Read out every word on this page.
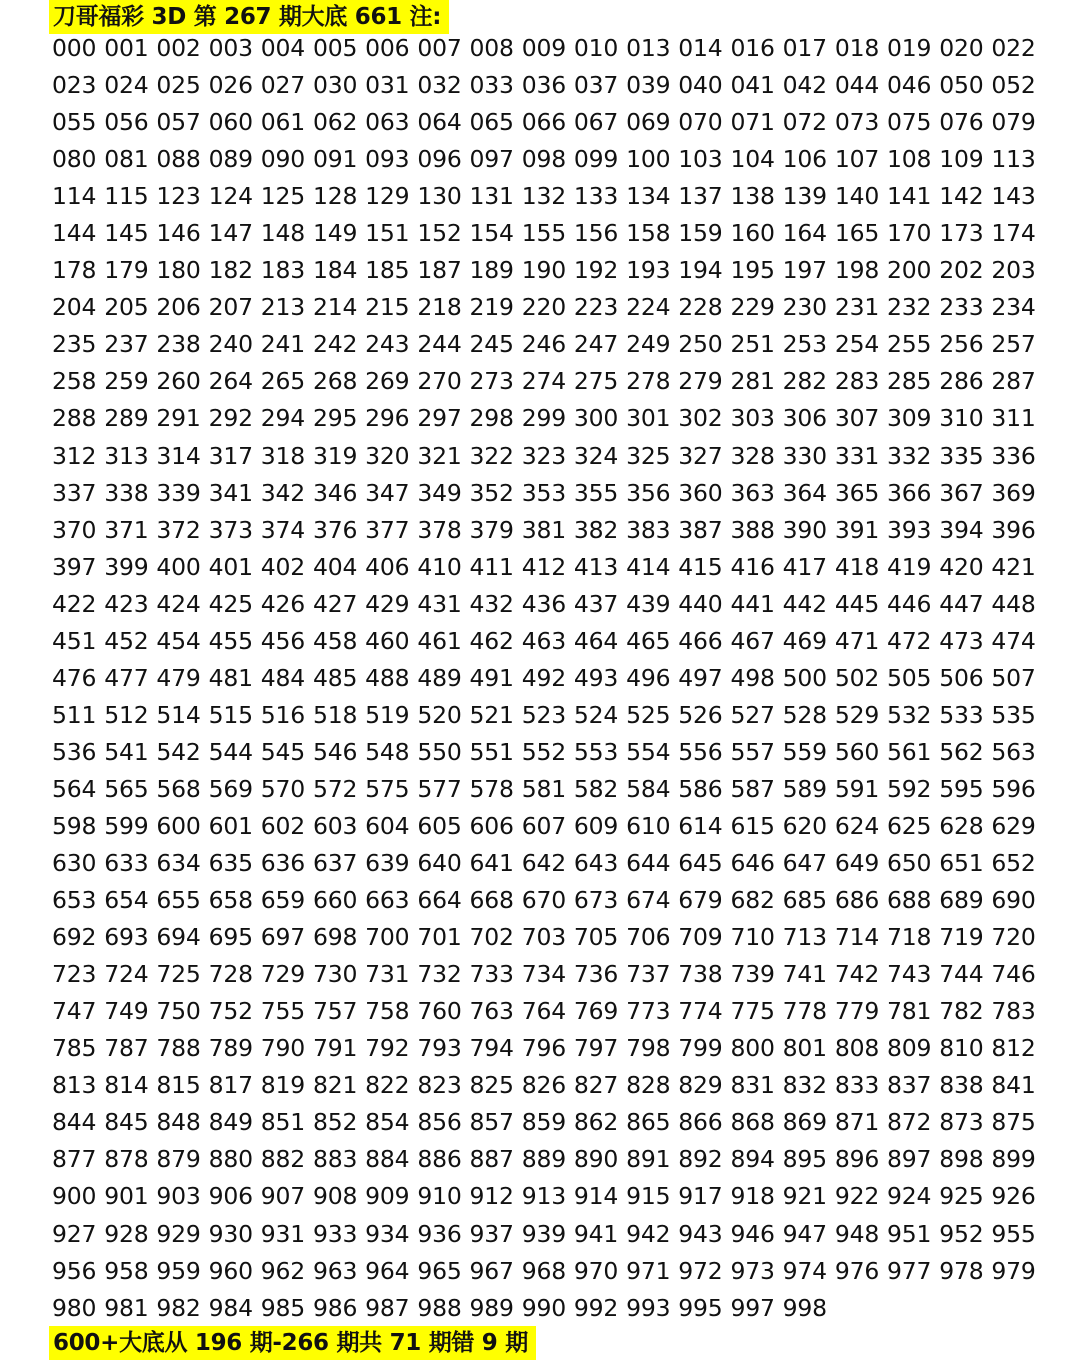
刀哥福彩 3D 第 267 期大底 661 注:
000 001 002 003 004 005 006 007 008 009 010 013 014 016 017 018 019 020 022
023 024 025 026 027 030 031 032 033 036 037 039 040 041 042 044 046 050 052
055 056 057 060 061 062 063 064 065 066 067 069 070 071 072 073 075 076 079
080 081 088 089 090 091 093 096 097 098 099 100 103 104 106 107 108 109 113
114 115 123 124 125 128 129 130 131 132 133 134 137 138 139 140 141 142 143
144 145 146 147 148 149 151 152 154 155 156 158 159 160 164 165 170 173 174
178 179 180 182 183 184 185 187 189 190 192 193 194 195 197 198 200 202 203
204 205 206 207 213 214 215 218 219 220 223 224 228 229 230 231 232 233 234
235 237 238 240 241 242 243 244 245 246 247 249 250 251 253 254 255 256 257
258 259 260 264 265 268 269 270 273 274 275 278 279 281 282 283 285 286 287
288 289 291 292 294 295 296 297 298 299 300 301 302 303 306 307 309 310 311
312 313 314 317 318 319 320 321 322 323 324 325 327 328 330 331 332 335 336
337 338 339 341 342 346 347 349 352 353 355 356 360 363 364 365 366 367 369
370 371 372 373 374 376 377 378 379 381 382 383 387 388 390 391 393 394 396
397 399 400 401 402 404 406 410 411 412 413 414 415 416 417 418 419 420 421
422 423 424 425 426 427 429 431 432 436 437 439 440 441 442 445 446 447 448
451 452 454 455 456 458 460 461 462 463 464 465 466 467 469 471 472 473 474
476 477 479 481 484 485 488 489 491 492 493 496 497 498 500 502 505 506 507
511 512 514 515 516 518 519 520 521 523 524 525 526 527 528 529 532 533 535
536 541 542 544 545 546 548 550 551 552 553 554 556 557 559 560 561 562 563
564 565 568 569 570 572 575 577 578 581 582 584 586 587 589 591 592 595 596
598 599 600 601 602 603 604 605 606 607 609 610 614 615 620 624 625 628 629
630 633 634 635 636 637 639 640 641 642 643 644 645 646 647 649 650 651 652
653 654 655 658 659 660 663 664 668 670 673 674 679 682 685 686 688 689 690
692 693 694 695 697 698 700 701 702 703 705 706 709 710 713 714 718 719 720
723 724 725 728 729 730 731 732 733 734 736 737 738 739 741 742 743 744 746
747 749 750 752 755 757 758 760 763 764 769 773 774 775 778 779 781 782 783
785 787 788 789 790 791 792 793 794 796 797 798 799 800 801 808 809 810 812
813 814 815 817 819 821 822 823 825 826 827 828 829 831 832 833 837 838 841
844 845 848 849 851 852 854 856 857 859 862 865 866 868 869 871 872 873 875
877 878 879 880 882 883 884 886 887 889 890 891 892 894 895 896 897 898 899
900 901 903 906 907 908 909 910 912 913 914 915 917 918 921 922 924 925 926
927 928 929 930 931 933 934 936 937 939 941 942 943 946 947 948 951 952 955
956 958 959 960 962 963 964 965 967 968 970 971 972 973 974 976 977 978 979
980 981 982 984 985 986 987 988 989 990 992 993 995 997 998
600+大底从 196 期-266 期共 71 期错 9 期
